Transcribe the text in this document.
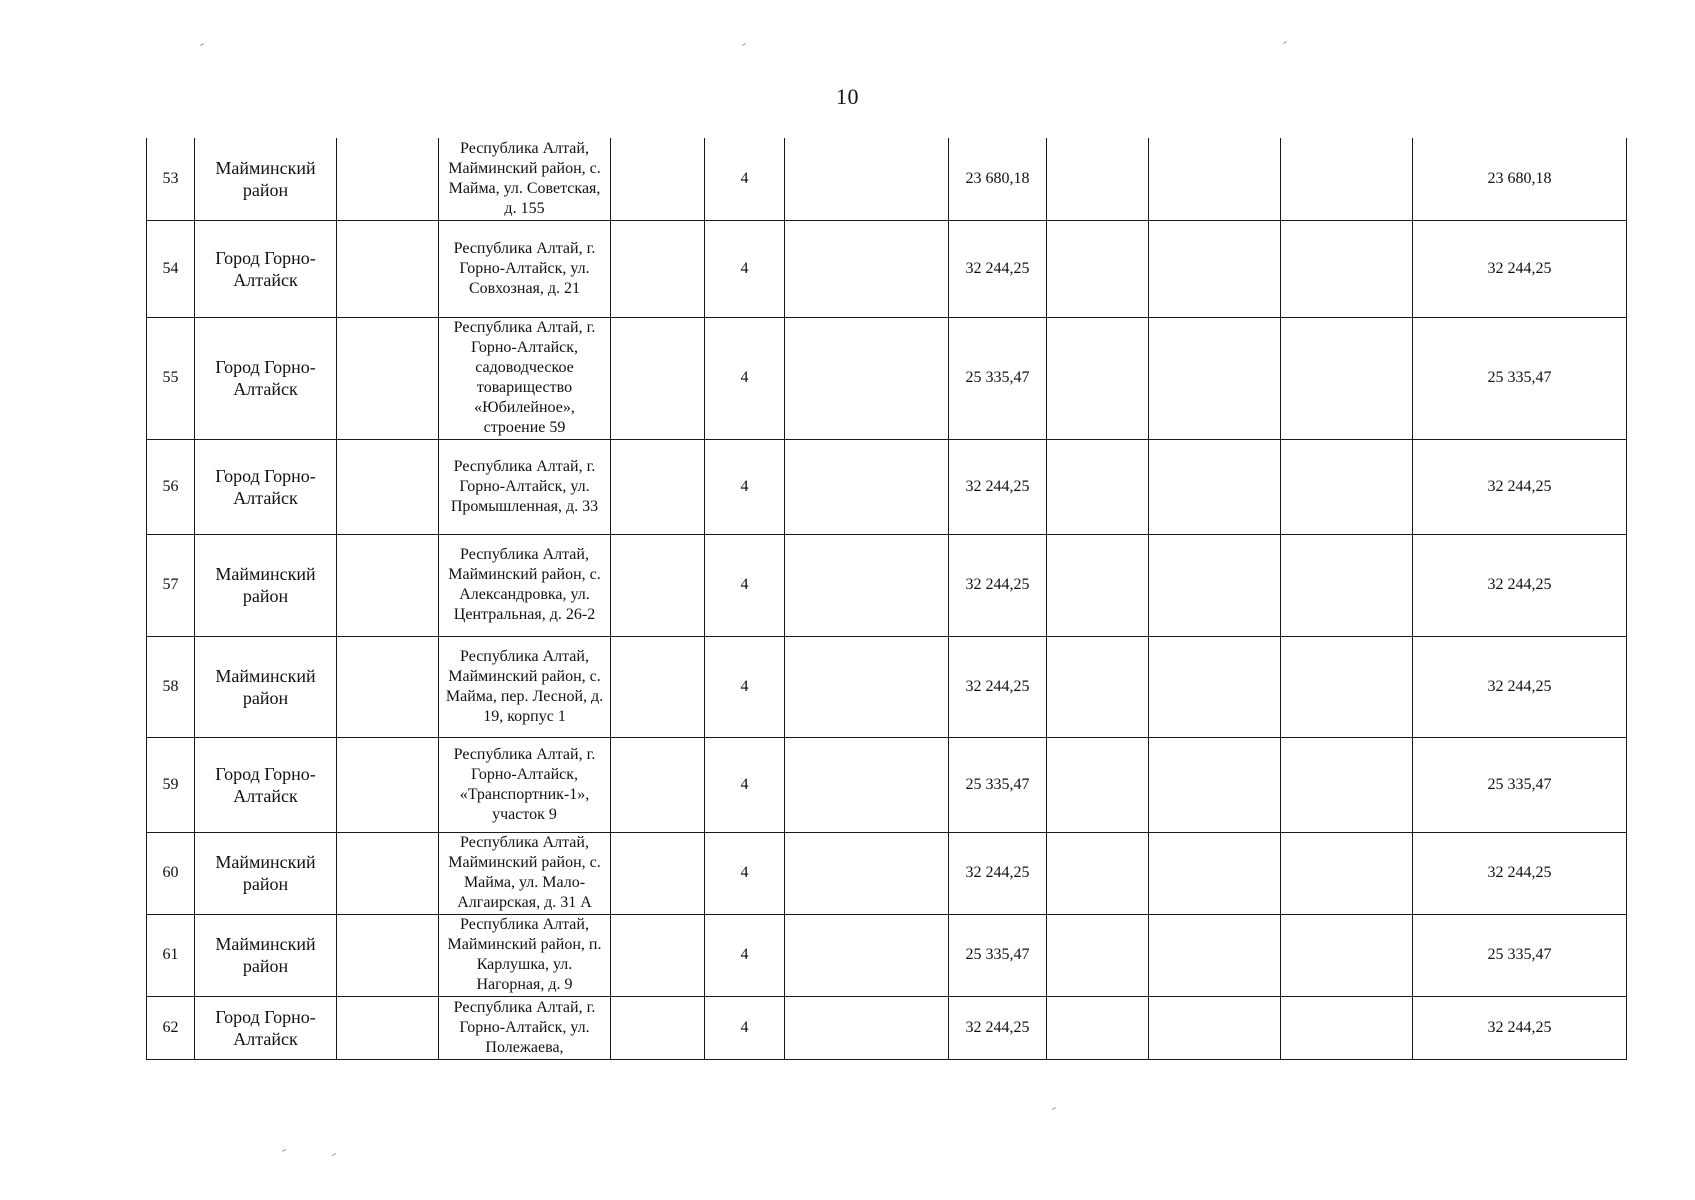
10
53	Майминский район		Республика Алтай, Майминский район, с. Майма, ул. Советская, д. 155		4		23 680,18				23 680,18
54	Город Горно-Алтайск		Республика Алтай, г. Горно-Алтайск, ул. Совхозная, д. 21		4		32 244,25				32 244,25
55	Город Горно-Алтайск		Республика Алтай, г. Горно-Алтайск, садоводческое товарищество «Юбилейное», строение 59		4		25 335,47				25 335,47
56	Город Горно-Алтайск		Республика Алтай, г. Горно-Алтайск, ул. Промышленная, д. 33		4		32 244,25				32 244,25
57	Майминский район		Республика Алтай, Майминский район, с. Александровка, ул. Центральная, д. 26-2		4		32 244,25				32 244,25
58	Майминский район		Республика Алтай, Майминский район, с. Майма, пер. Лесной, д. 19, корпус 1		4		32 244,25				32 244,25
59	Город Горно-Алтайск		Республика Алтай, г. Горно-Алтайск, «Транспортник-1», участок 9		4		25 335,47				25 335,47
60	Майминский район		Республика Алтай, Майминский район, с. Майма, ул. Мало-Алгаирская, д. 31 А		4		32 244,25				32 244,25
61	Майминский район		Республика Алтай, Майминский район, п. Карлушка, ул. Нагорная, д. 9		4		25 335,47				25 335,47
62	Город Горно-Алтайск		Республика Алтай, г. Горно-Алтайск, ул. Полежаева,		4		32 244,25				32 244,25
